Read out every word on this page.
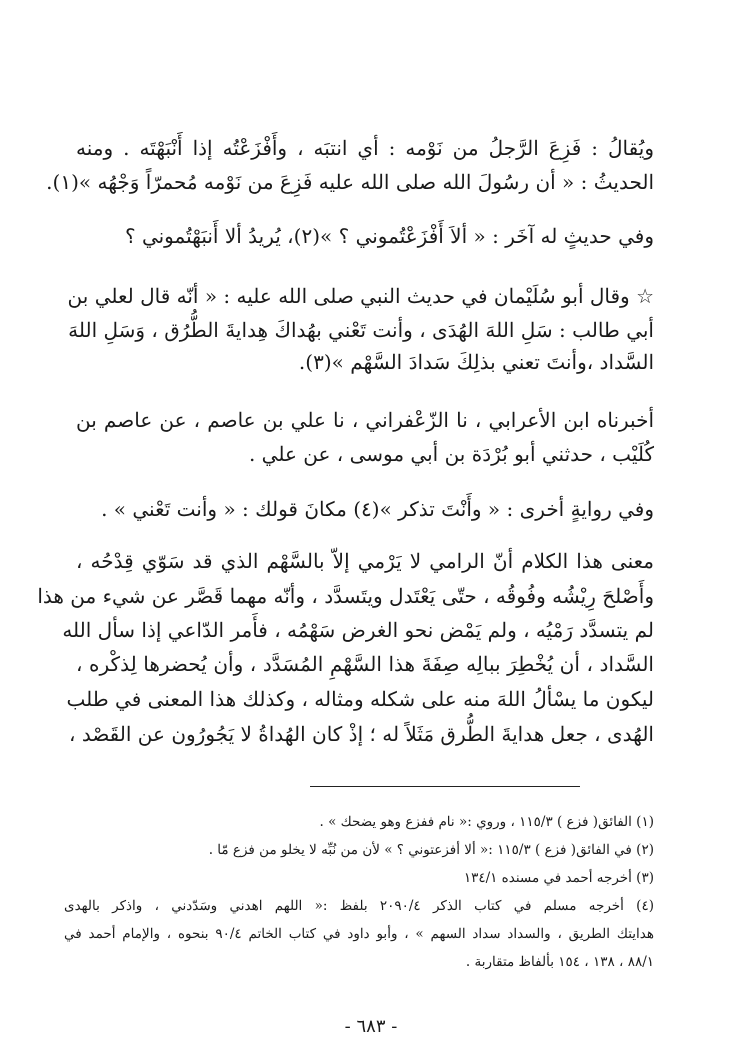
ويُقالُ : فَزِعَ الرَّجلُ من نَوْمه : أي انتبَه ، وأَفْزَعْتُه إذا أَنْبَهْتَه . ومنه
الحديثُ : « أن رسُولَ الله صلى الله عليه فَزِعَ من نَوْمه مُحمرّاً وَجْهُه »(١).
وفي حديثٍ له آخَر : « ألاَ أَفْزَعْتُموني ؟ »(٢)، يُريدُ ألا أَنبَهْتُموني ؟
☆ وقال أبو سُلَيْمان في حديث النبي صلى الله عليه : « أنّه قال لعلي بن
أبي طالب : سَلِ اللهَ الهُدَى ، وأنت تَعْني بهُداكَ هِدايةَ الطُّرُق ، وَسَلِ اللهَ
السَّداد ،وأنتَ تعني بذلِكَ سَدادَ السَّهْم »(٣).
أخبرناه ابن الأعرابي ، نا الزّعْفراني ، نا علي بن عاصم ، عن عاصم بن
كُلَيْب ، حدثني أبو بُرْدَة بن أبي موسى ، عن علي .
وفي روايةٍ أخرى : « وأَنْتَ تذكر »(٤) مكانَ قولك : « وأنت تَعْني » .
معنى هذا الكلام أنّ الرامي لا يَرْمي إلاّ بالسَّهْم الذي قد سَوّي قِدْحُه ،
وأَصْلحَ رِيْشُه وفُوقُه ، حتّى يَعْتَدل ويتَسدَّد ، وأنّه مهما قَصَّر عن شيء من هذا
لم يتسدَّد رَمْيُه ، ولم يَمْض نحو الغرض سَهْمُه ، فأَمر الدّاعي إذا سأل الله
السَّداد ، أن يُخْطِرَ ببالِه صِفَةَ هذا السَّهْمِ المُسَدَّد ، وأن يُحضرها لِذكْره ،
ليكون ما يسْألُ اللهَ منه على شكله ومثاله ، وكذلك هذا المعنى في طلب
الهُدى ، جعل هدايةَ الطُّرق مَثَلاً له ؛ إذْ كان الهُداةُ لا يَجُورُون عن القَصْد ،
(١) الفائق( فزع ) ١١٥/٣ ، وروي :« نام ففزع وهو يضحك » .
(٢) في الفائق( فزع ) ١١٥/٣ :« ألا أفزعتوني ؟ » لأن من نُبِّه لا يخلو من فزع مّا .
(٣) أخرجه أحمد في مسنده ١٣٤/١
(٤) أخرجه مسلم في كتاب الذكر ٢٠٩٠/٤ بلفظ :« اللهم اهدني وسَدّدني ، واذكر بالهدى
هدايتك الطريق ، والسداد سداد السهم » ، وأبو داود في كتاب الخاتم ٩٠/٤ بنحوه ، والإمام أحمد في
٨٨/١ ، ١٣٨ ، ١٥٤ بألفاظ متقاربة .
- ٦٨٣ -
